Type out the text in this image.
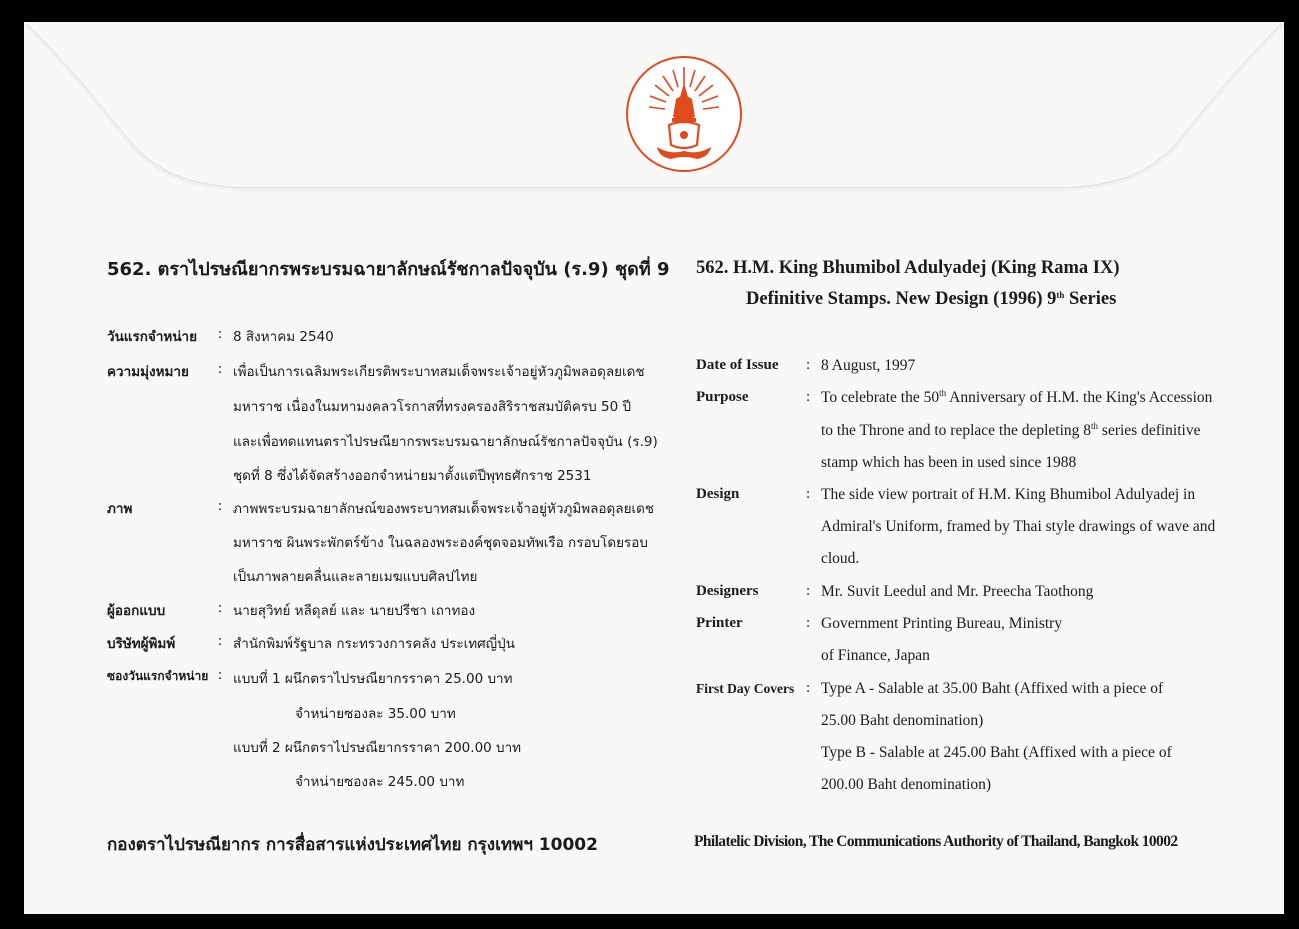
562. ตราไปรษณียากรพระบรมฉายาลักษณ์รัชกาลปัจจุบัน (ร.9) ชุดที่ 9
วันแรกจำหน่าย : 8 สิงหาคม 2540
ความมุ่งหมาย : เพื่อเป็นการเฉลิมพระเกียรติพระบาทสมเด็จพระเจ้าอยู่หัวภูมิพลอดุลยเดช
มหาราช เนื่องในมหามงคลวโรกาสที่ทรงครองสิริราชสมบัติครบ 50 ปี
และเพื่อทดแทนตราไปรษณียากรพระบรมฉายาลักษณ์รัชกาลปัจจุบัน (ร.9)
ชุดที่ 8 ซึ่งได้จัดสร้างออกจำหน่ายมาตั้งแต่ปีพุทธศักราช 2531
ภาพ	: ภาพพระบรมฉายาลักษณ์ของพระบาทสมเด็จพระเจ้าอยู่หัวภูมิพลอดุลยเดช
มหาราช ผินพระพักตร์ข้าง ในฉลองพระองค์ชุดจอมทัพเรือ กรอบโดยรอบ
เป็นภาพลายคลื่นและลายเมฆแบบศิลปไทย
ผู้ออกแบบ	: นายสุวิทย์ หลีดุลย์ และ นายปรีชา เถาทอง
บริษัทผู้พิมพ์	: สำนักพิมพ์รัฐบาล กระทรวงการคลัง ประเทศญี่ปุ่น
ซองวันแรกจำหน่าย : แบบที่ 1 ผนึกตราไปรษณียากรราคา 25.00 บาท
จำหน่ายซองละ 35.00 บาท
แบบที่ 2 ผนึกตราไปรษณียากรราคา 200.00 บาท
จำหน่ายซองละ 245.00 บาท
กองตราไปรษณียากร การสื่อสารแห่งประเทศไทย กรุงเทพฯ 10002
562. H.M. King Bhumibol Adulyadej (King Rama IX)
Definitive Stamps. New Design (1996) 9th Series
Date of Issue : 8 August, 1997
Purpose	: To celebrate the 50th Anniversary of H.M. the King's Accession
to the Throne and to replace the depleting 8th series definitive
stamp which has been in used since 1988
Design	: The side view portrait of H.M. King Bhumibol Adulyadej in
Admiral's Uniform, framed by Thai style drawings of wave and
cloud.
Designers	: Mr. Suvit Leedul and Mr. Preecha Taothong
Printer	: Government Printing Bureau, Ministry
of Finance, Japan
First Day Covers : Type A - Salable at 35.00 Baht (Affixed with a piece of
25.00 Baht denomination)
Type B - Salable at 245.00 Baht (Affixed with a piece of
200.00 Baht denomination)
Philatelic Division, The Communications Authority of Thailand, Bangkok 10002
